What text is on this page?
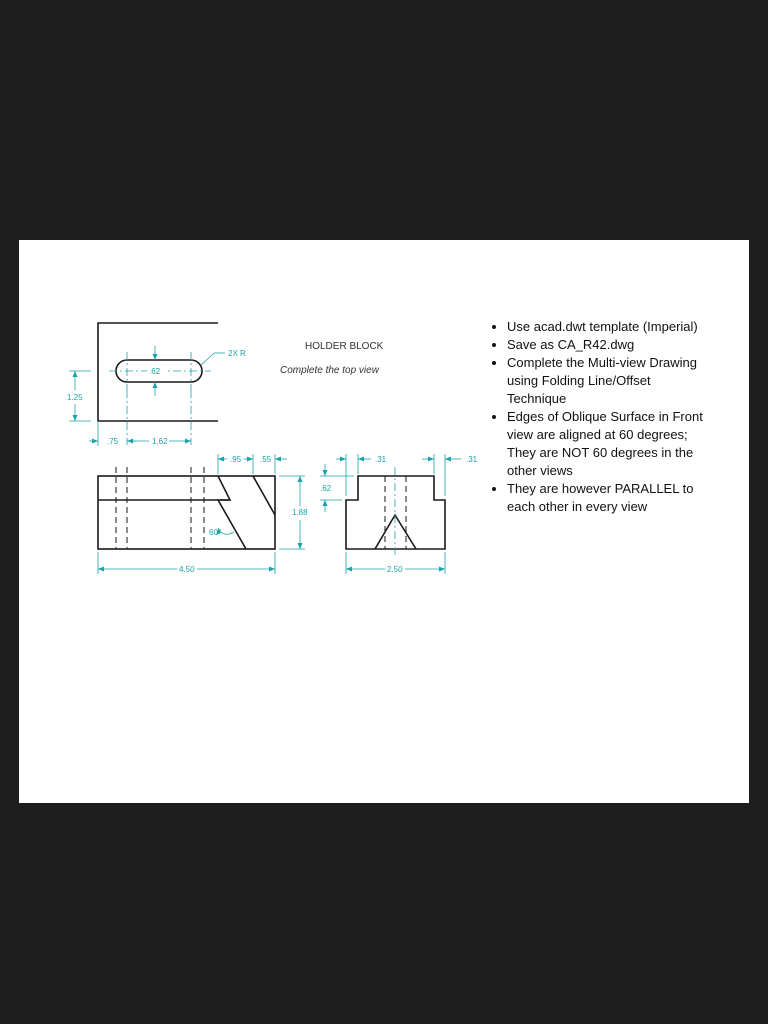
2X R
.62
1.25
.75	1.62
HOLDER BLOCK
Complete the top view
.95 .55
1.88
60°
4.50
.31	.31
.62
2.50
• Use acad.dwt template (Imperial)
• Save as CA_R42.dwg
• Complete the Multi-view Drawing using Folding Line/Offset Technique
• Edges of Oblique Surface in Front view are aligned at 60 degrees; They are NOT 60 degrees in the other views
• They are however PARALLEL to each other in every view
